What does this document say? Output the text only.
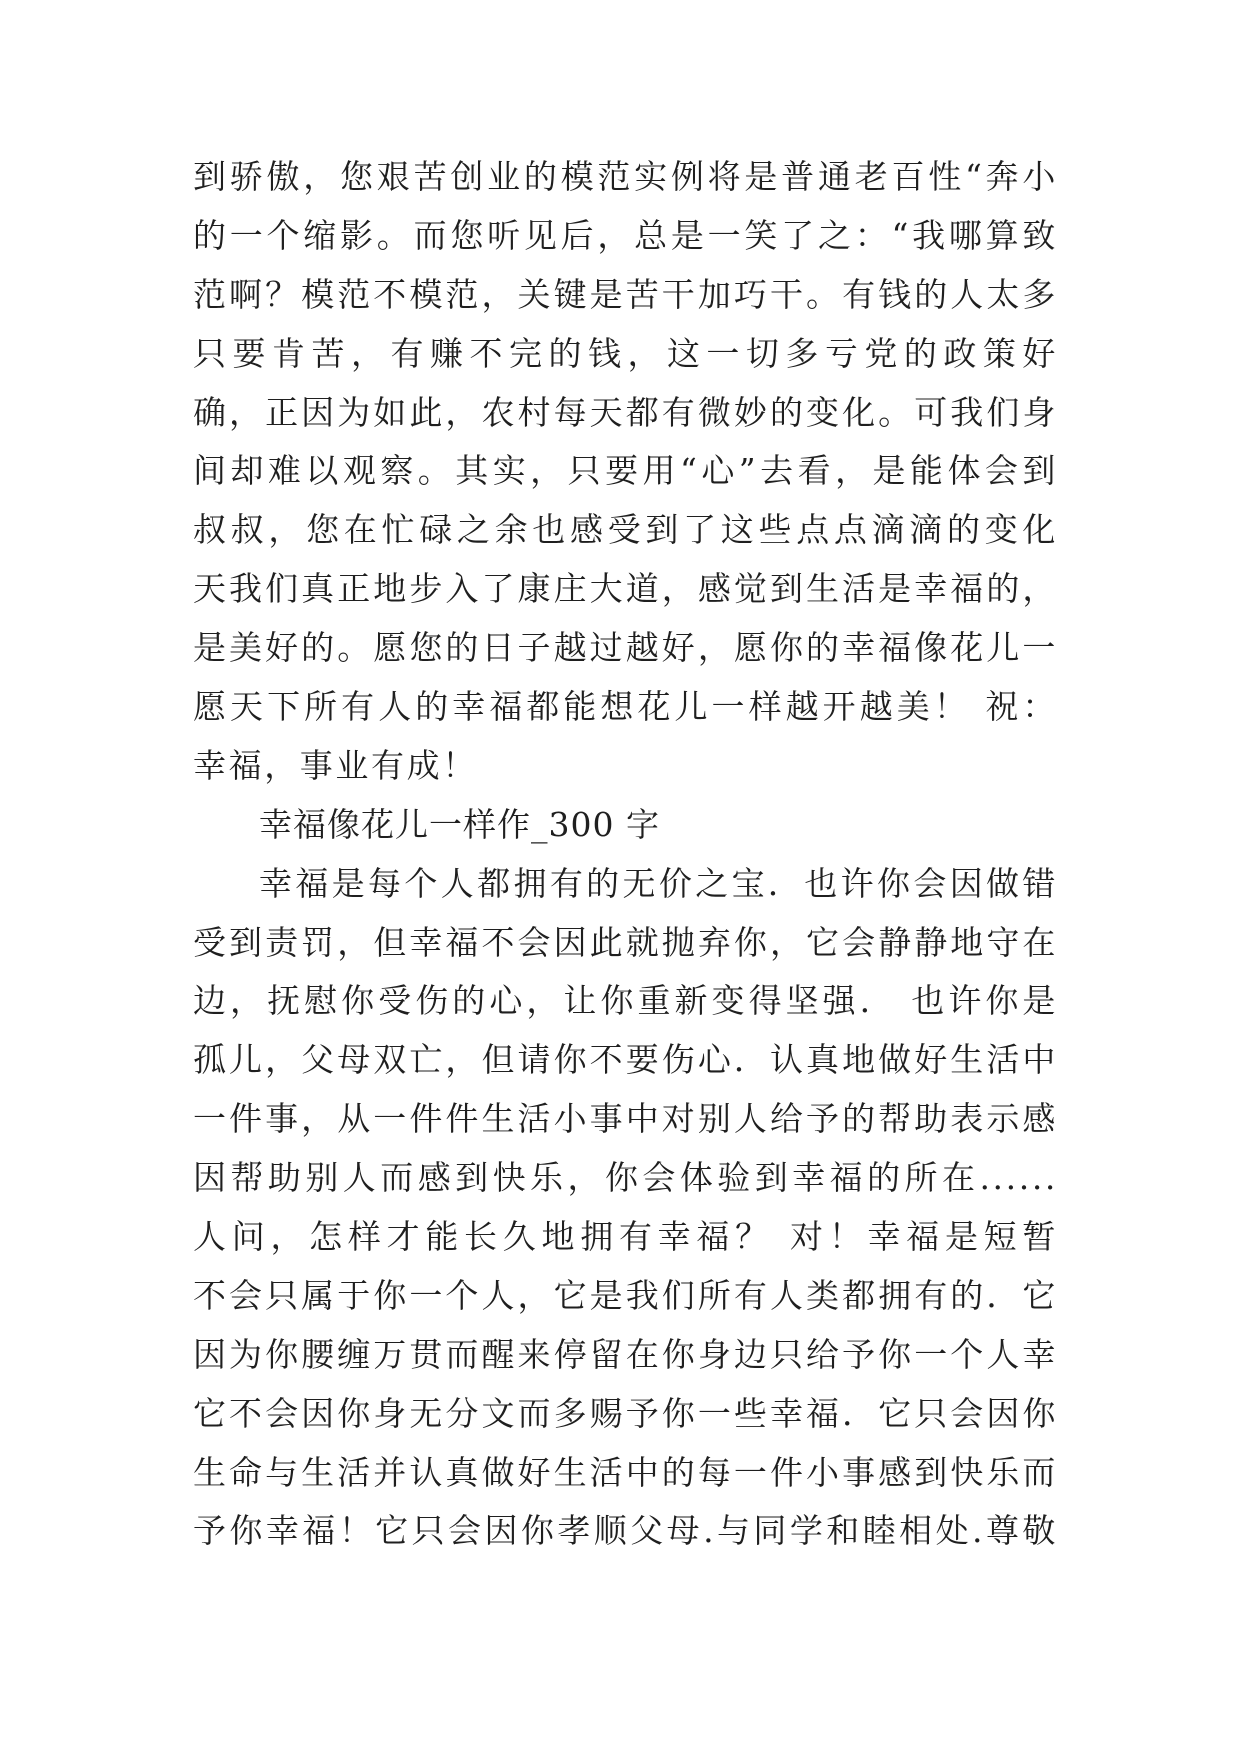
到骄傲，您艰苦创业的模范实例将是普通老百性“奔小
的一个缩影。而您听见后，总是一笑了之：“我哪算致
范啊？模范不模范，关键是苦干加巧干。有钱的人太多
只要肯苦，有赚不完的钱，这一切多亏党的政策好
确，正因为如此，农村每天都有微妙的变化。可我们身
间却难以观察。其实，只要用“心”去看，是能体会到
叔叔，您在忙碌之余也感受到了这些点点滴滴的变化
天我们真正地步入了康庄大道，感觉到生活是幸福的，
是美好的。愿您的日子越过越好，愿你的幸福像花儿一
愿天下所有人的幸福都能想花儿一样越开越美！ 祝：
幸福，事业有成！
幸福像花儿一样作_300 字
幸福是每个人都拥有的无价之宝．也许你会因做错
受到责罚，但幸福不会因此就抛弃你，它会静静地守在
边，抚慰你受伤的心，让你重新变得坚强． 也许你是
孤儿，父母双亡，但请你不要伤心．认真地做好生活中
一件事，从一件件生活小事中对别人给予的帮助表示感
因帮助别人而感到快乐，你会体验到幸福的所在......
人问，怎样才能长久地拥有幸福？ 对！幸福是短暂
不会只属于你一个人，它是我们所有人类都拥有的．它
因为你腰缠万贯而醒来停留在你身边只给予你一个人幸
它不会因你身无分文而多赐予你一些幸福．它只会因你
生命与生活并认真做好生活中的每一件小事感到快乐而
予你幸福！它只会因你孝顺父母.与同学和睦相处.尊敬
